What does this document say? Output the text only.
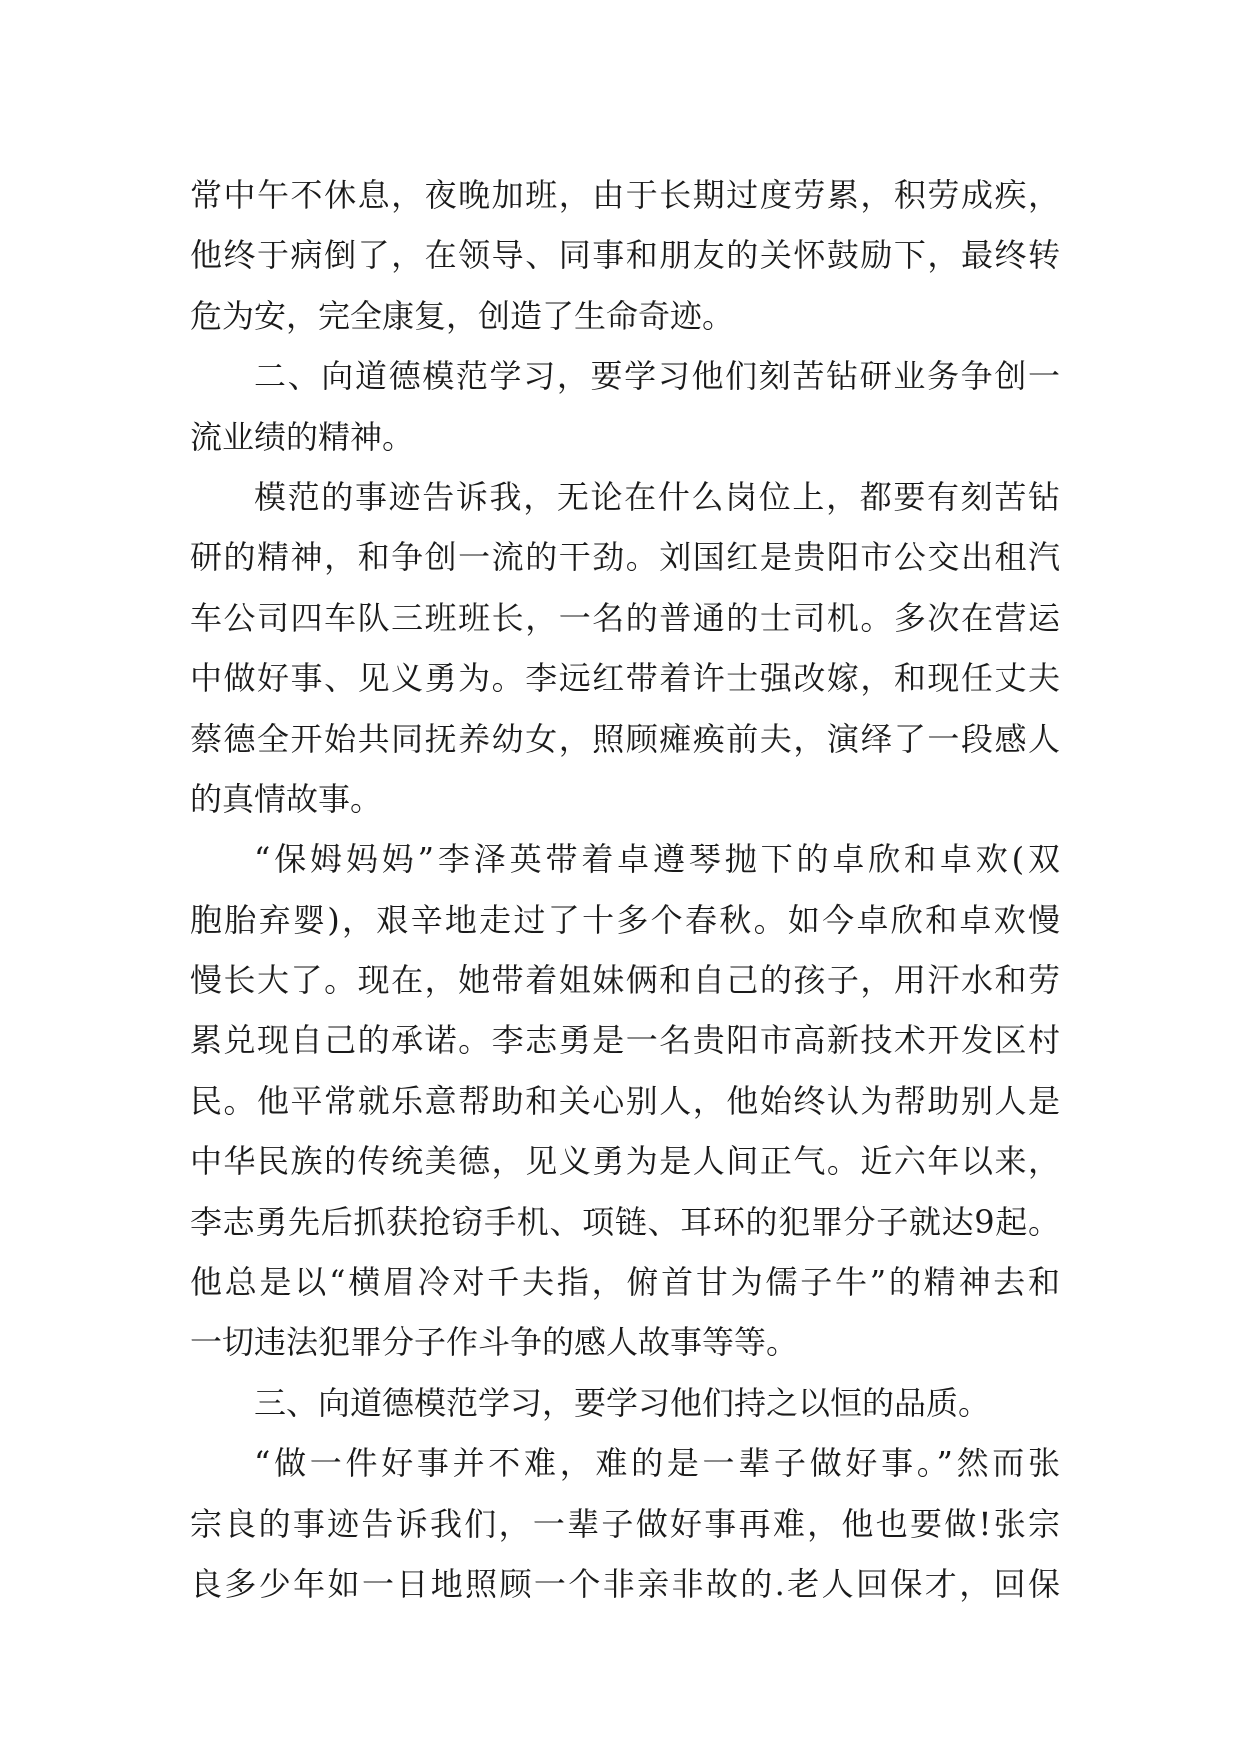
常中午不休息，夜晚加班，由于长期过度劳累，积劳成疾，
他终于病倒了，在领导、同事和朋友的关怀鼓励下，最终转
危为安，完全康复，创造了生命奇迹。
二、向道德模范学习，要学习他们刻苦钻研业务争创一
流业绩的精神。
模范的事迹告诉我，无论在什么岗位上，都要有刻苦钻
研的精神，和争创一流的干劲。刘国红是贵阳市公交出租汽
车公司四车队三班班长，一名的普通的士司机。多次在营运
中做好事、见义勇为。李远红带着许士强改嫁，和现任丈夫
蔡德全开始共同抚养幼女，照顾瘫痪前夫，演绎了一段感人
的真情故事。
“保姆妈妈”李泽英带着卓遵琴抛下的卓欣和卓欢(双
胞胎弃婴)，艰辛地走过了十多个春秋。如今卓欣和卓欢慢
慢长大了。现在，她带着姐妹俩和自己的孩子，用汗水和劳
累兑现自己的承诺。李志勇是一名贵阳市高新技术开发区村
民。他平常就乐意帮助和关心别人，他始终认为帮助别人是
中华民族的传统美德，见义勇为是人间正气。近六年以来，
李志勇先后抓获抢窃手机、项链、耳环的犯罪分子就达9起。
他总是以“横眉冷对千夫指，俯首甘为儒子牛”的精神去和
一切违法犯罪分子作斗争的感人故事等等。
三、向道德模范学习，要学习他们持之以恒的品质。
“做一件好事并不难，难的是一辈子做好事。”然而张
宗良的事迹告诉我们，一辈子做好事再难，他也要做!张宗
良多少年如一日地照顾一个非亲非故的.老人回保才，回保
